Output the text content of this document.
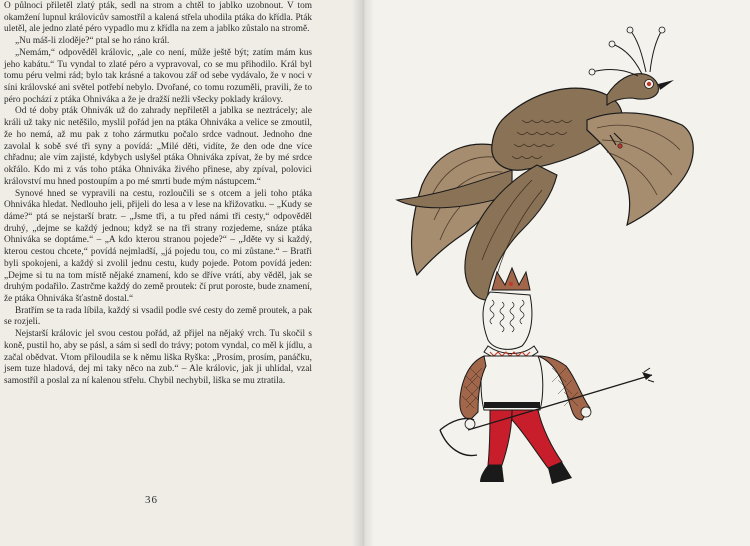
O půlnoci přiletěl zlatý pták, sedl na strom a chtěl to jablko uzobnout. V tom okamžení lupnul královicův samostříl a kalená střela uhodila ptáka do křídla. Pták uletěl, ale jedno zlaté péro vypadlo mu z křídla na zem a jablko zůstalo na stromě.

„Nu máš-li zloděje?“ ptal se ho ráno král.

„Nemám,“ odpověděl královic, „ale co není, může ještě být; zatím mám kus jeho kabátu.“ Tu vyndal to zlaté péro a vypravoval, co se mu přihodilo. Král byl tomu péru velmi rád; bylo tak krásné a takovou zář od sebe vydávalo, že v noci v síni královské ani světel potřebí nebylo. Dvořané, co tomu rozuměli, pravili, že to péro pochází z ptáka Ohniváka a že je dražší nežli všecky poklady královy.

Od té doby pták Ohnivák už do zahrady nepřiletěl a jablka se neztrácely; ale králi už taky nic netěšilo, myslil pořád jen na ptáka Ohniváka a velice se zmoutil, že ho nemá, až mu pak z toho zármutku počalo srdce vadnout. Jednoho dne zavolal k sobě své tři syny a povídá: „Milé děti, vidíte, že den ode dne více chřadnu; ale vím zajisté, kdybych uslyšel ptáka Ohniváka zpívat, že by mé srdce okřálo. Kdo mi z vás toho ptáka Ohniváka živého přinese, aby zpíval, polovici království mu hned postoupím a po mé smrti bude mým nástupcem.“

Synové hned se vypravili na cestu, rozloučili se s otcem a jeli toho ptáka Ohniváka hledat. Nedlouho jeli, přijeli do lesa a v lese na křižovatku. – „Kudy se dáme?“ ptá se nejstarší bratr. – „Jsme tři, a tu před námi tři cesty,“ odpověděl druhý, „dejme se každý jednou; když se na tři strany rozjedeme, snáze ptáka Ohniváka se doptáme.“ – „A kdo kterou stranou pojede?“ – „Jděte vy si každý, kterou cestou chcete,“ povídá nejmladší, „já pojedu tou, co mi zůstane.“ – Bratři byli spokojeni, a každý si zvolil jednu cestu, kudy pojede. Potom povídá jeden: „Dejme si tu na tom místě nějaké znamení, kdo se dříve vrátí, aby věděl, jak se druhým podařilo. Zastrčme každý do země proutek: čí prut poroste, bude znamení, že ptáka Ohniváka šťastně dostal.“

Bratřím se ta rada líbila, každý si vsadil podle své cesty do země proutek, a pak se rozjeli.

Nejstarší královic jel svou cestou pořád, až přijel na nějaký vrch. Tu skočil s koně, pustil ho, aby se pásl, a sám si sedl do trávy; potom vyndal, co měl k jídlu, a začal obědvat. Vtom přiloudila se k němu liška Ryška: „Prosím, prosím, panáčku, jsem tuze hladová, dej mi taky něco na zub.“ – Ale královic, jak ji uhlídal, vzal samostříl a poslal za ní kalenou střelu. Chybil nechybil, liška se mu ztratila.

36
